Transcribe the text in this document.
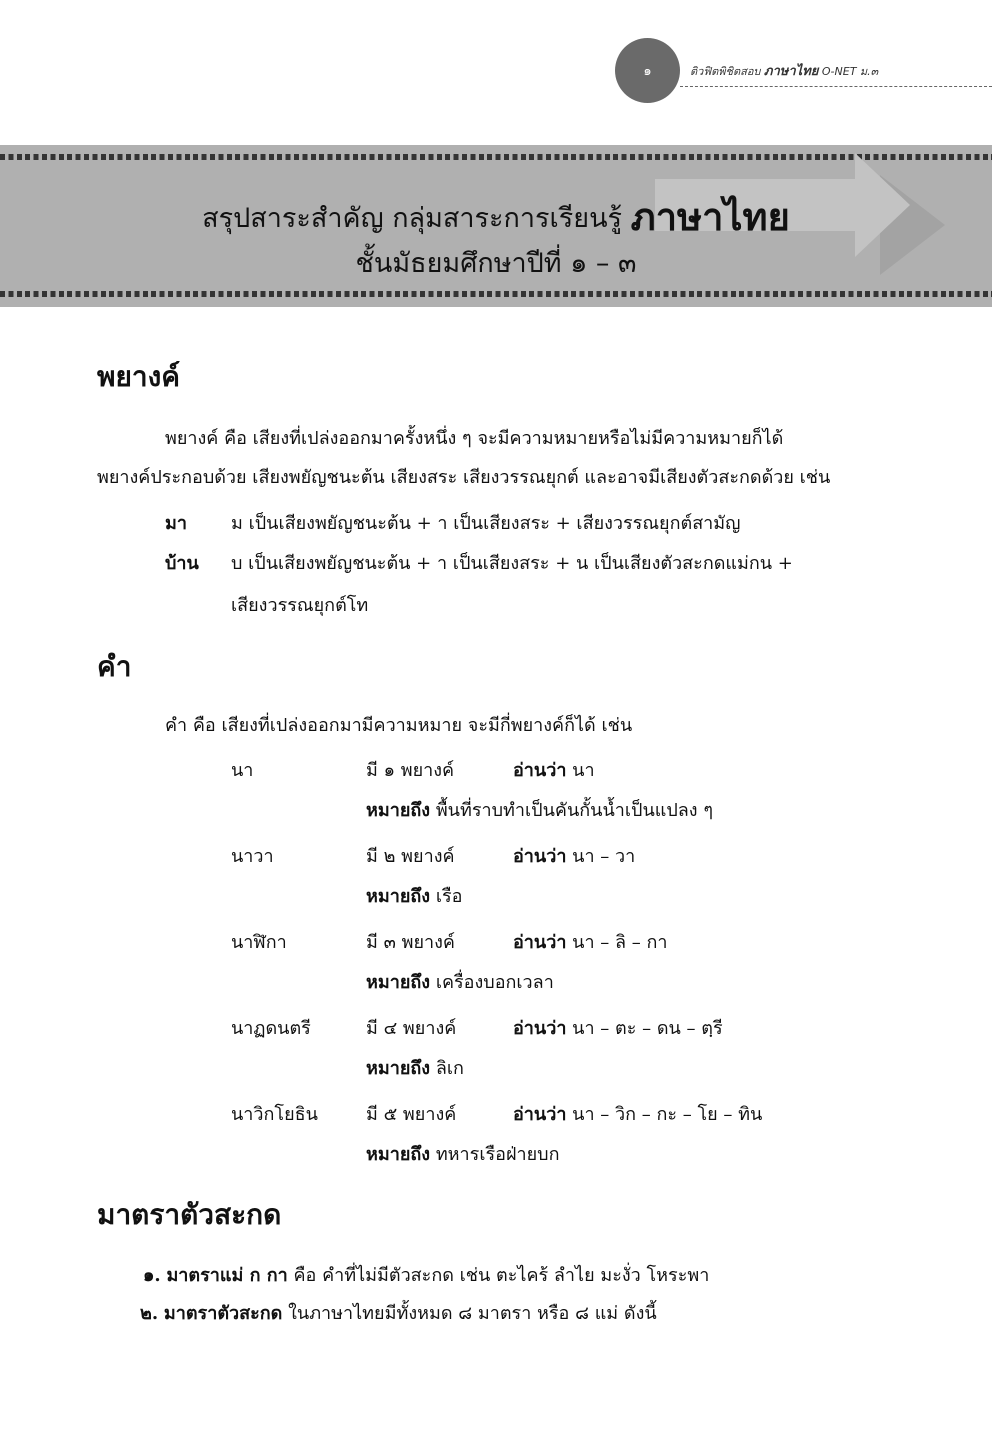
๑	ติวฟิตพิชิตสอบ ภาษาไทย O-NET ม.๓
สรุปสาระสำคัญ กลุ่มสาระการเรียนรู้ ภาษาไทย
ชั้นมัธยมศึกษาปีที่ ๑ – ๓
พยางค์
พยางค์ คือ เสียงที่เปล่งออกมาครั้งหนึ่ง ๆ จะมีความหมายหรือไม่มีความหมายก็ได้
พยางค์ประกอบด้วย เสียงพยัญชนะต้น เสียงสระ เสียงวรรณยุกต์ และอาจมีเสียงตัวสะกดด้วย เช่น
มา ม เป็นเสียงพยัญชนะต้น + า เป็นเสียงสระ + เสียงวรรณยุกต์สามัญ
บ้าน บ เป็นเสียงพยัญชนะต้น + า เป็นเสียงสระ + น เป็นเสียงตัวสะกดแม่กน +
เสียงวรรณยุกต์โท
คำ
คำ คือ เสียงที่เปล่งออกมามีความหมาย จะมีกี่พยางค์ก็ได้ เช่น
นา	มี ๑ พยางค์	อ่านว่า นา
หมายถึง พื้นที่ราบทำเป็นคันกั้นน้ำเป็นแปลง ๆ
นาวา	มี ๒ พยางค์	อ่านว่า นา – วา
หมายถึง เรือ
นาฬิกา	มี ๓ พยางค์	อ่านว่า นา – ลิ – กา
หมายถึง เครื่องบอกเวลา
นาฏดนตรี	มี ๔ พยางค์	อ่านว่า นา – ตะ – ดน – ตฺรี
หมายถึง ลิเก
นาวิกโยธิน	มี ๕ พยางค์	อ่านว่า นา – วิก – กะ – โย – ทิน
หมายถึง ทหารเรือฝ่ายบก
มาตราตัวสะกด
๑. มาตราแม่ ก กา คือ คำที่ไม่มีตัวสะกด เช่น ตะไคร้ ลำไย มะงั่ว โหระพา
๒. มาตราตัวสะกด ในภาษาไทยมีทั้งหมด ๘ มาตรา หรือ ๘ แม่ ดังนี้
